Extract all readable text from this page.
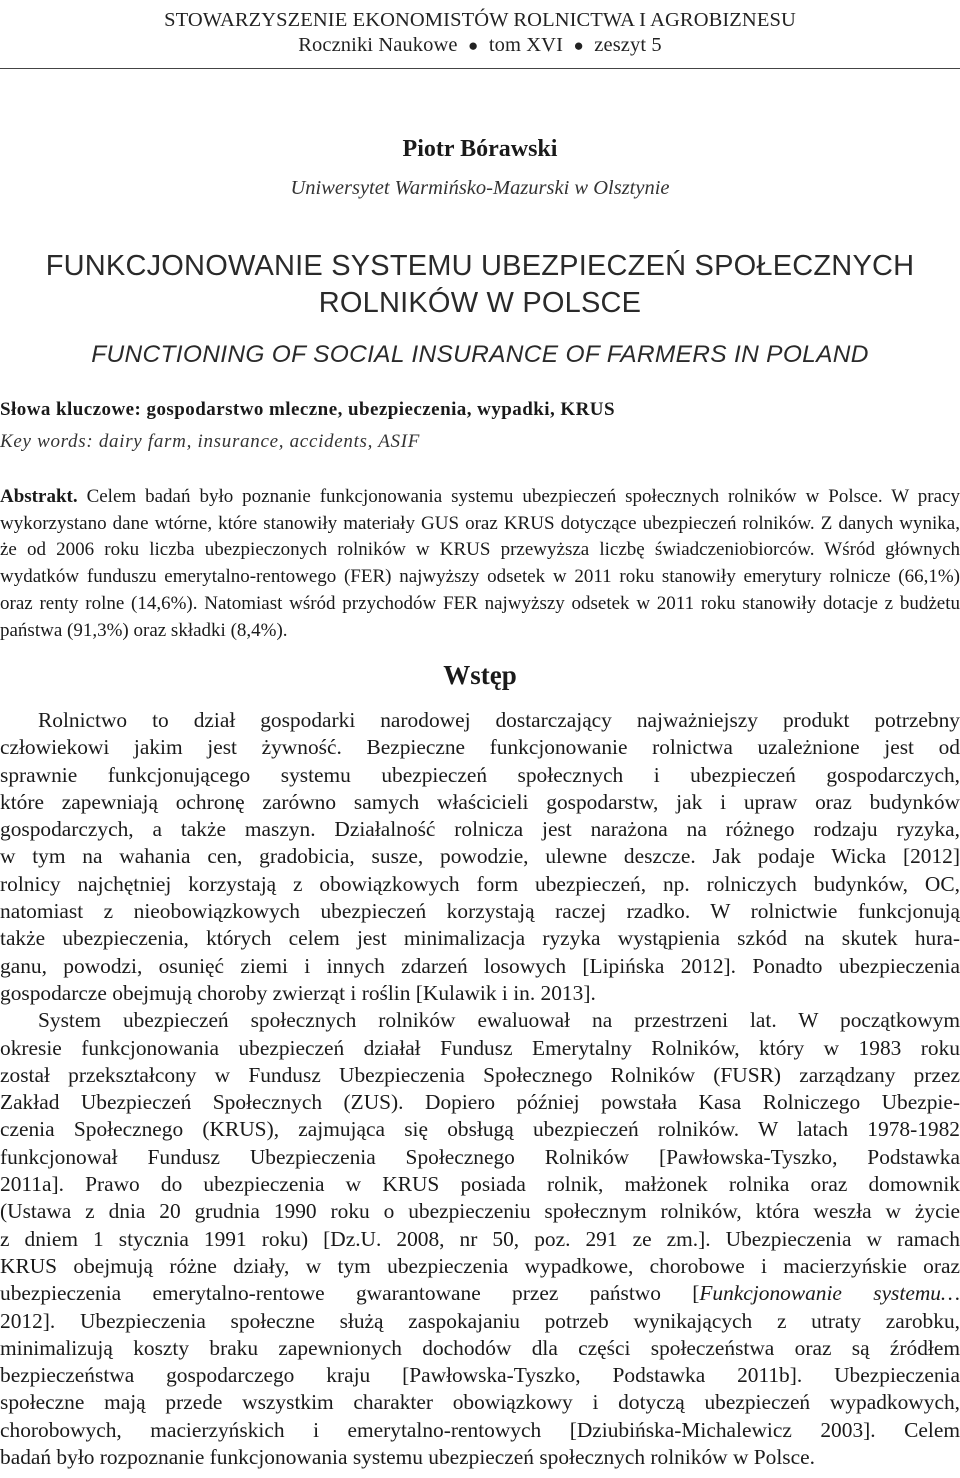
STOWARZYSZENIE EKONOMISTÓW ROLNICTWA I AGROBIZNESU
Roczniki Naukowe ● tom XVI ● zeszyt 5
Piotr Bórawski
Uniwersytet Warmińsko-Mazurski w Olsztynie
FUNKCJONOWANIE SYSTEMU UBEZPIECZEŃ SPOŁECZNYCH
ROLNIKÓW W POLSCE
FUNCTIONING OF SOCIAL INSURANCE OF FARMERS IN POLAND
Słowa kluczowe: gospodarstwo mleczne, ubezpieczenia, wypadki, KRUS
Key words: dairy farm, insurance, accidents, ASIF
Abstrakt. Celem badań było poznanie funkcjonowania systemu ubezpieczeń społecznych rolników w Polsce. W pracy wykorzystano dane wtórne, które stanowiły materiały GUS oraz KRUS dotyczące ubezpieczeń rolników. Z danych wynika, że od 2006 roku liczba ubezpieczonych rolników w KRUS przewyższa liczbę świadczeniobiorców. Wśród głównych wydatków funduszu emerytalno-rentowego (FER) najwyższy odsetek w 2011 roku stanowiły emerytury rolnicze (66,1%) oraz renty rolne (14,6%). Natomiast wśród przychodów FER najwyższy odsetek w 2011 roku stanowiły dotacje z budżetu państwa (91,3%) oraz składki (8,4%).
Wstęp
Rolnictwo to dział gospodarki narodowej dostarczający najważniejszy produkt potrzebny
człowiekowi jakim jest żywność. Bezpieczne funkcjonowanie rolnictwa uzależnione jest od
sprawnie funkcjonującego systemu ubezpieczeń społecznych i ubezpieczeń gospodarczych,
które zapewniają ochronę zarówno samych właścicieli gospodarstw, jak i upraw oraz budynków
gospodarczych, a także maszyn. Działalność rolnicza jest narażona na różnego rodzaju ryzyka,
w tym na wahania cen, gradobicia, susze, powodzie, ulewne deszcze. Jak podaje Wicka [2012]
rolnicy najchętniej korzystają z obowiązkowych form ubezpieczeń, np. rolniczych budynków, OC,
natomiast z nieobowiązkowych ubezpieczeń korzystają raczej rzadko. W rolnictwie funkcjonują
także ubezpieczenia, których celem jest minimalizacja ryzyka wystąpienia szkód na skutek hura-
ganu, powodzi, osunięć ziemi i innych zdarzeń losowych [Lipińska 2012]. Ponadto ubezpieczenia
gospodarcze obejmują choroby zwierząt i roślin [Kulawik i in. 2013].
System ubezpieczeń społecznych rolników ewaluował na przestrzeni lat. W początkowym
okresie funkcjonowania ubezpieczeń działał Fundusz Emerytalny Rolników, który w 1983 roku
został przekształcony w Fundusz Ubezpieczenia Społecznego Rolników (FUSR) zarządzany przez
Zakład Ubezpieczeń Społecznych (ZUS). Dopiero później powstała Kasa Rolniczego Ubezpie-
czenia Społecznego (KRUS), zajmująca się obsługą ubezpieczeń rolników. W latach 1978-1982
funkcjonował Fundusz Ubezpieczenia Społecznego Rolników [Pawłowska-Tyszko, Podstawka
2011a]. Prawo do ubezpieczenia w KRUS posiada rolnik, małżonek rolnika oraz domownik
(Ustawa z dnia 20 grudnia 1990 roku o ubezpieczeniu społecznym rolników, która weszła w życie
z dniem 1 stycznia 1991 roku) [Dz.U. 2008, nr 50, poz. 291 ze zm.]. Ubezpieczenia w ramach
KRUS obejmują różne działy, w tym ubezpieczenia wypadkowe, chorobowe i macierzyńskie oraz
ubezpieczenia emerytalno-rentowe gwarantowane przez państwo [Funkcjonowanie systemu…
2012]. Ubezpieczenia społeczne służą zaspokajaniu potrzeb wynikających z utraty zarobku,
minimalizują koszty braku zapewnionych dochodów dla części społeczeństwa oraz są źródłem
bezpieczeństwa gospodarczego kraju [Pawłowska-Tyszko, Podstawka 2011b]. Ubezpieczenia
społeczne mają przede wszystkim charakter obowiązkowy i dotyczą ubezpieczeń wypadkowych,
chorobowych, macierzyńskich i emerytalno-rentowych [Dziubińska-Michalewicz 2003]. Celem
badań było rozpoznanie funkcjonowania systemu ubezpieczeń społecznych rolników w Polsce.
